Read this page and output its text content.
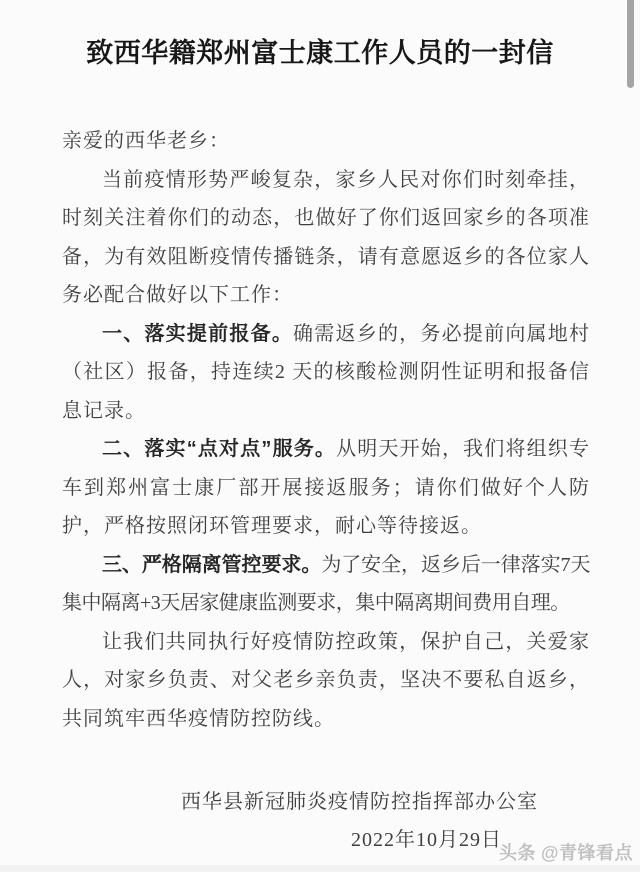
致西华籍郑州富士康工作人员的一封信

亲爱的西华老乡：

当前疫情形势严峻复杂，家乡人民对你们时刻牵挂，时刻关注着你们的动态，也做好了你们返回家乡的各项准备，为有效阻断疫情传播链条，请有意愿返乡的各位家人务必配合做好以下工作：

一、落实提前报备。确需返乡的，务必提前向属地村（社区）报备，持连续2 天的核酸检测阴性证明和报备信息记录。

二、落实“点对点”服务。从明天开始，我们将组织专车到郑州富士康厂部开展接返服务；请你们做好个人防护，严格按照闭环管理要求，耐心等待接返。

三、严格隔离管控要求。为了安全，返乡后一律落实7天集中隔离+3天居家健康监测要求，集中隔离期间费用自理。

让我们共同执行好疫情防控政策，保护自己，关爱家人，对家乡负责、对父老乡亲负责，坚决不要私自返乡，共同筑牢西华疫情防控防线。

西华县新冠肺炎疫情防控指挥部办公室
2022年10月29日
头条 @青锋看点
